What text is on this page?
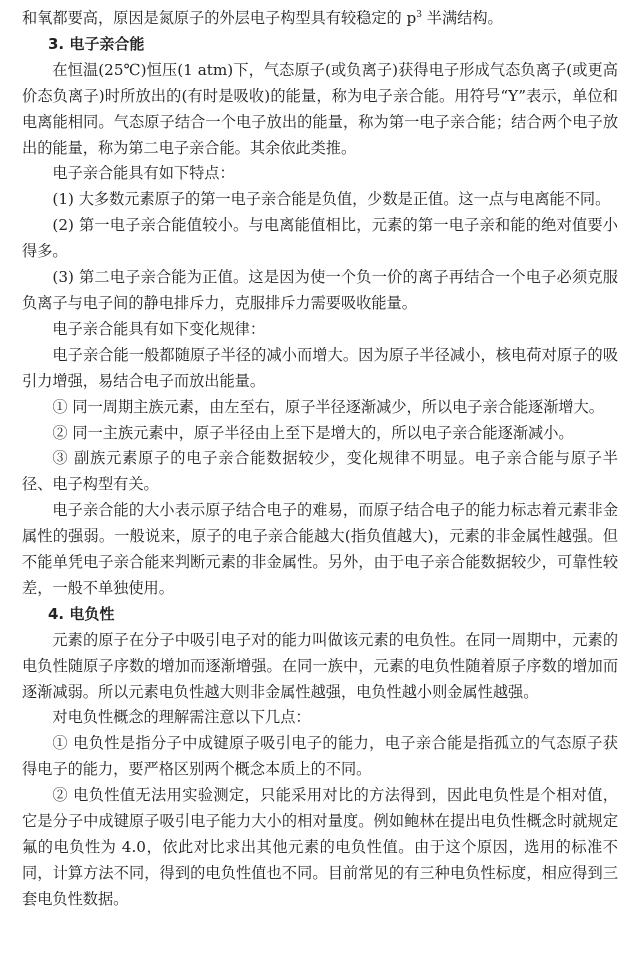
和氧都要高，原因是氮原子的外层电子构型具有较稳定的 $p^3$ 半满结构。

3. 电子亲合能

在恒温(25℃)恒压(1 atm)下，气态原子(或负离子)获得电子形成气态负离子(或更高价态负离子)时所放出的(有时是吸收)的能量，称为电子亲合能。用符号“Y”表示，单位和电离能相同。气态原子结合一个电子放出的能量，称为第一电子亲合能；结合两个电子放出的能量，称为第二电子亲合能。其余依此类推。

电子亲合能具有如下特点：

(1) 大多数元素原子的第一电子亲合能是负值，少数是正值。这一点与电离能不同。

(2) 第一电子亲合能值较小。与电离能值相比，元素的第一电子亲和能的绝对值要小得多。

(3) 第二电子亲合能为正值。这是因为使一个负一价的离子再结合一个电子必须克服负离子与电子间的静电排斥力，克服排斥力需要吸收能量。

电子亲合能具有如下变化规律：

电子亲合能一般都随原子半径的减小而增大。因为原子半径减小，核电荷对原子的吸引力增强，易结合电子而放出能量。

① 同一周期主族元素，由左至右，原子半径逐渐减少，所以电子亲合能逐渐增大。

② 同一主族元素中，原子半径由上至下是增大的，所以电子亲合能逐渐减小。

③ 副族元素原子的电子亲合能数据较少，变化规律不明显。电子亲合能与原子半径、电子构型有关。

电子亲合能的大小表示原子结合电子的难易，而原子结合电子的能力标志着元素非金属性的强弱。一般说来，原子的电子亲合能越大(指负值越大)，元素的非金属性越强。但不能单凭电子亲合能来判断元素的非金属性。另外，由于电子亲合能数据较少，可靠性较差，一般不单独使用。

4. 电负性

元素的原子在分子中吸引电子对的能力叫做该元素的电负性。在同一周期中，元素的电负性随原子序数的增加而逐渐增强。在同一族中，元素的电负性随着原子序数的增加而逐渐减弱。所以元素电负性越大则非金属性越强，电负性越小则金属性越强。

对电负性概念的理解需注意以下几点：

① 电负性是指分子中成键原子吸引电子的能力，电子亲合能是指孤立的气态原子获得电子的能力，要严格区别两个概念本质上的不同。

② 电负性值无法用实验测定，只能采用对比的方法得到，因此电负性是个相对值，它是分子中成键原子吸引电子能力大小的相对量度。例如鲍林在提出电负性概念时就规定氟的电负性为 4.0，依此对比求出其他元素的电负性值。由于这个原因，选用的标准不同，计算方法不同，得到的电负性值也不同。目前常见的有三种电负性标度，相应得到三套电负性数据。
